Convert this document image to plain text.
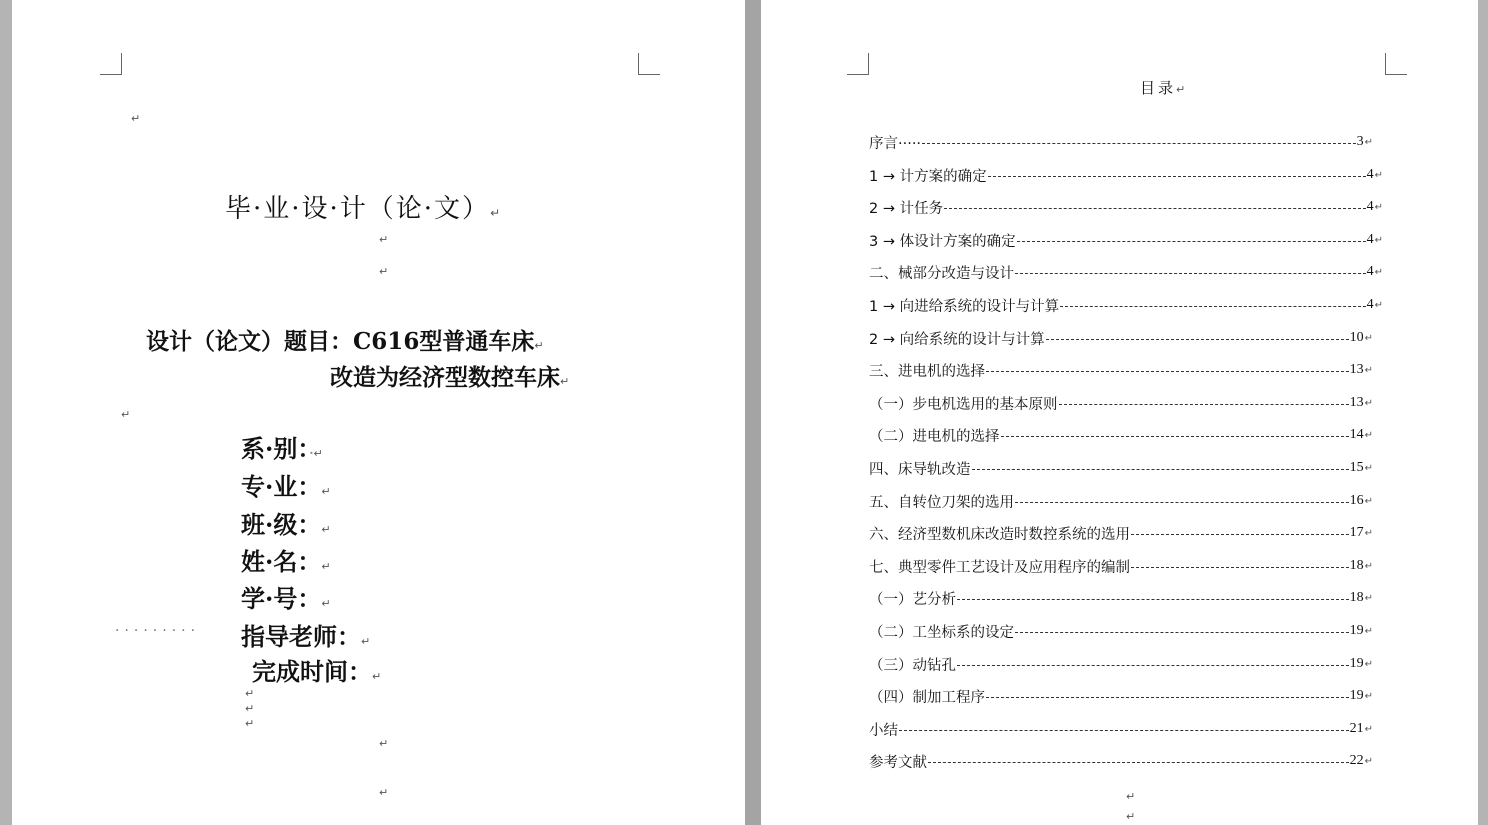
↵
毕·业·设·计（论·文）↵
↵
↵
设计（论文）题目：C616型普通车床↵
改造为经济型数控车床↵
↵
系·别：·↵
专·业：↵
班·级：↵
姓·名：↵
学·号：↵
········· 指导老师：↵
完成时间：↵
↵
↵
↵
↵
↵
目录↵
序言·····	3 ↵
1 → 计方案的确定	4 ↵
2 → 计任务	4 ↵
3 → 体设计方案的确定	4 ↵
二、械部分改造与设计	4 ↵
1 → 向进给系统的设计与计算	4 ↵
2 → 向给系统的设计与计算	10 ↵
三、进电机的选择	13 ↵
（一）步电机选用的基本原则	13 ↵
（二）进电机的选择	14 ↵
四、床导轨改造	15 ↵
五、自转位刀架的选用	16 ↵
六、经济型数机床改造时数控系统的选用	17 ↵
七、典型零件工艺设计及应用程序的编制	18 ↵
（一）艺分析	18 ↵
（二）工坐标系的设定	19 ↵
（三）动钻孔	19 ↵
（四）制加工程序	19 ↵
小结	21 ↵
参考文献	22 ↵
↵
↵
